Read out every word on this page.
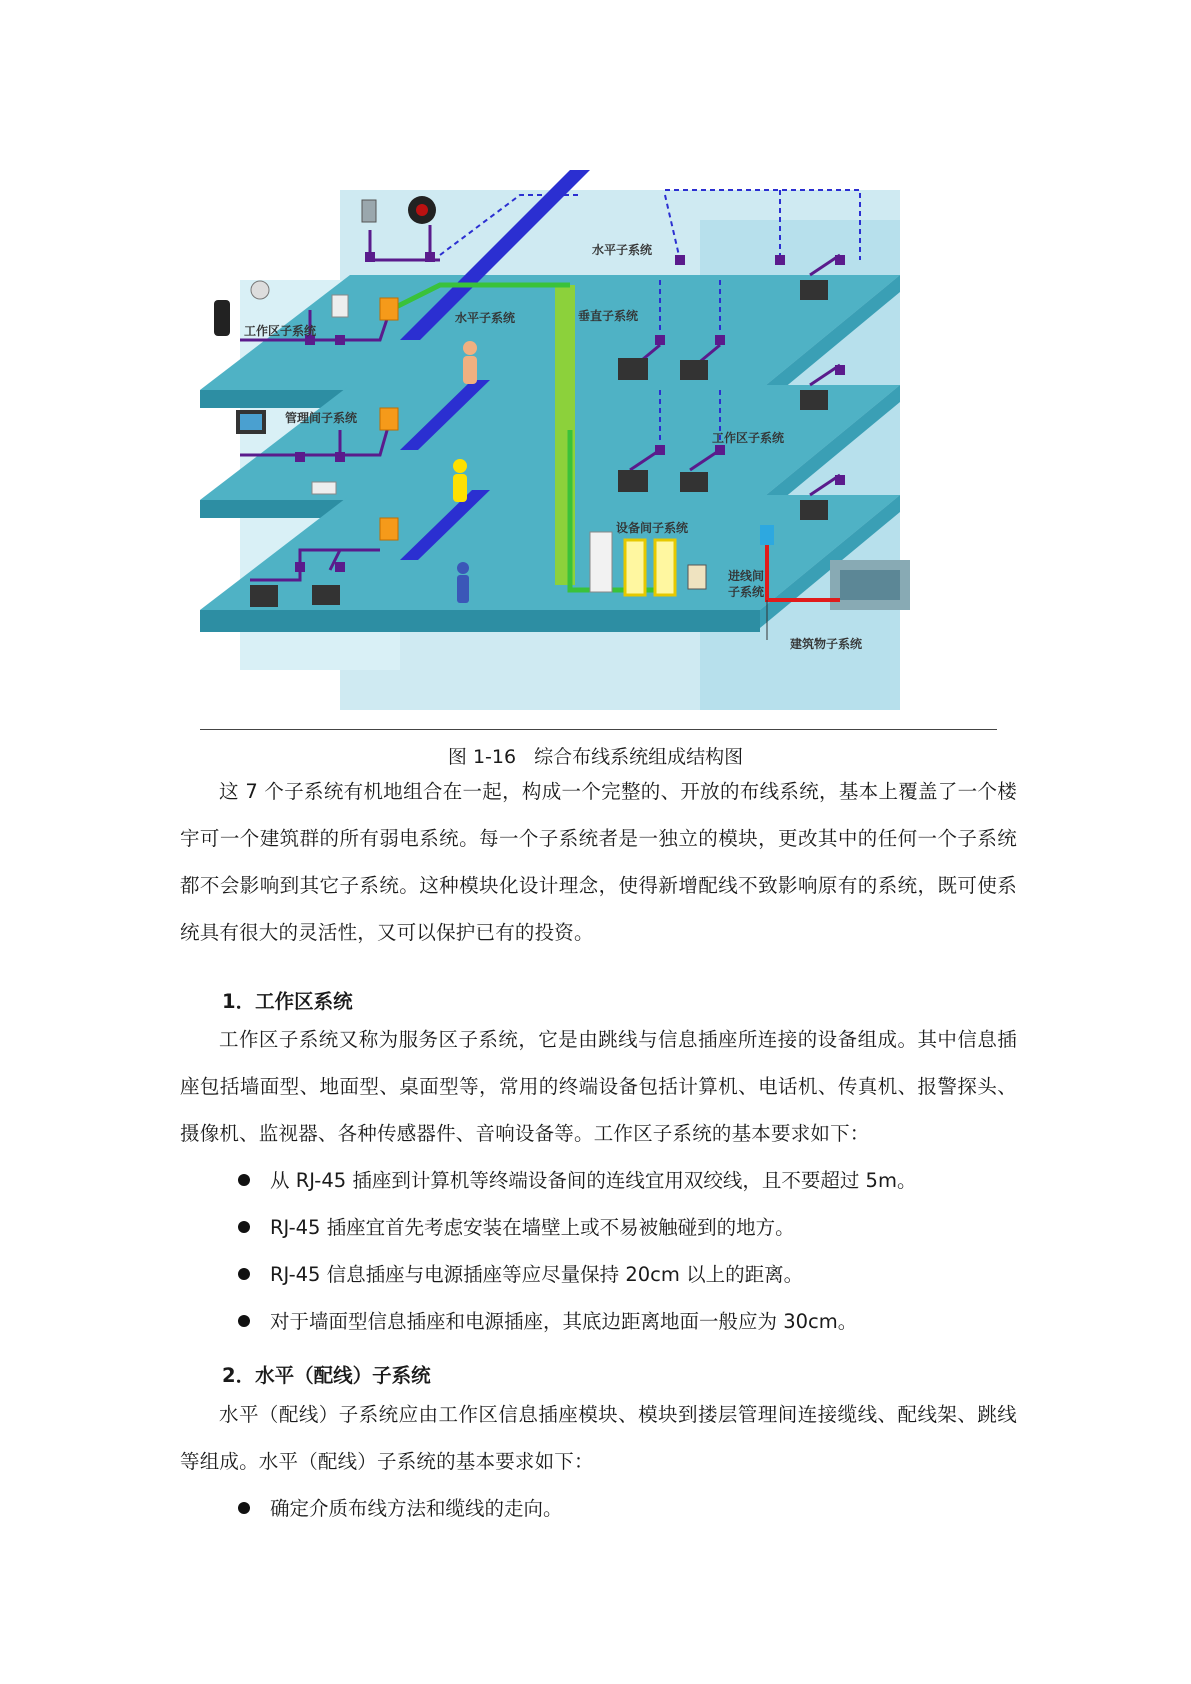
水平子系统
水平子系统
工作区子系统
垂直子系统
管理间子系统
工作区子系统
设备间子系统
进线间
子系统
建筑物子系统
图 1-16 综合布线系统组成结构图

这 7 个子系统有机地组合在一起，构成一个完整的、开放的布线系统，基本上覆盖了一个楼宇可一个建筑群的所有弱电系统。每一个子系统者是一独立的模块，更改其中的任何一个子系统都不会影响到其它子系统。这种模块化设计理念，使得新增配线不致影响原有的系统，既可使系统具有很大的灵活性，又可以保护已有的投资。

1．工作区系统

工作区子系统又称为服务区子系统，它是由跳线与信息插座所连接的设备组成。其中信息插座包括墙面型、地面型、桌面型等，常用的终端设备包括计算机、电话机、传真机、报警探头、摄像机、监视器、各种传感器件、音响设备等。工作区子系统的基本要求如下：

从 RJ-45 插座到计算机等终端设备间的连线宜用双绞线，且不要超过 5m。
RJ-45 插座宜首先考虑安装在墙壁上或不易被触碰到的地方。
RJ-45 信息插座与电源插座等应尽量保持 20cm 以上的距离。
对于墙面型信息插座和电源插座，其底边距离地面一般应为 30cm。
2．水平（配线）子系统

水平（配线）子系统应由工作区信息插座模块、模块到搂层管理间连接缆线、配线架、跳线等组成。水平（配线）子系统的基本要求如下：

确定介质布线方法和缆线的走向。
